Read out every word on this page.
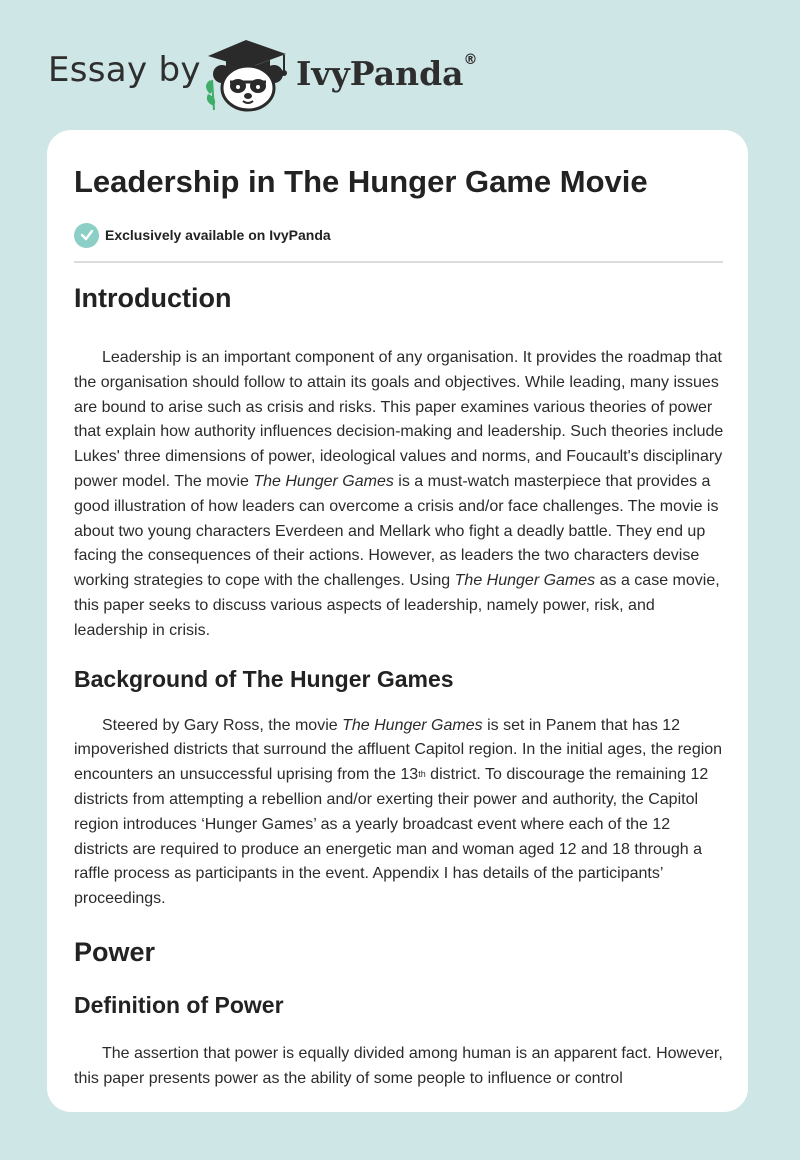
Essay by	IvyPanda®
Leadership in The Hunger Game Movie
Exclusively available on IvyPanda
Introduction

Leadership is an important component of any organisation. It provides the roadmap that the organisation should follow to attain its goals and objectives. While leading, many issues are bound to arise such as crisis and risks. This paper examines various theories of power that explain how authority influences decision-making and leadership. Such theories include Lukes' three dimensions of power, ideological values and norms, and Foucault's disciplinary power model. The movie The Hunger Games is a must-watch masterpiece that provides a good illustration of how leaders can overcome a crisis and/or face challenges. The movie is about two young characters Everdeen and Mellark who fight a deadly battle. They end up facing the consequences of their actions. However, as leaders the two characters devise working strategies to cope with the challenges. Using The Hunger Games as a case movie, this paper seeks to discuss various aspects of leadership, namely power, risk, and leadership in crisis.

Background of The Hunger Games

Steered by Gary Ross, the movie The Hunger Games is set in Panem that has 12 impoverished districts that surround the affluent Capitol region. In the initial ages, the region encounters an unsuccessful uprising from the 13th district. To discourage the remaining 12 districts from attempting a rebellion and/or exerting their power and authority, the Capitol region introduces ‘Hunger Games’ as a yearly broadcast event where each of the 12 districts are required to produce an energetic man and woman aged 12 and 18 through a raffle process as participants in the event. Appendix I has details of the participants’ proceedings.

Power
Definition of Power

The assertion that power is equally divided among human is an apparent fact. However, this paper presents power as the ability of some people to influence or control
